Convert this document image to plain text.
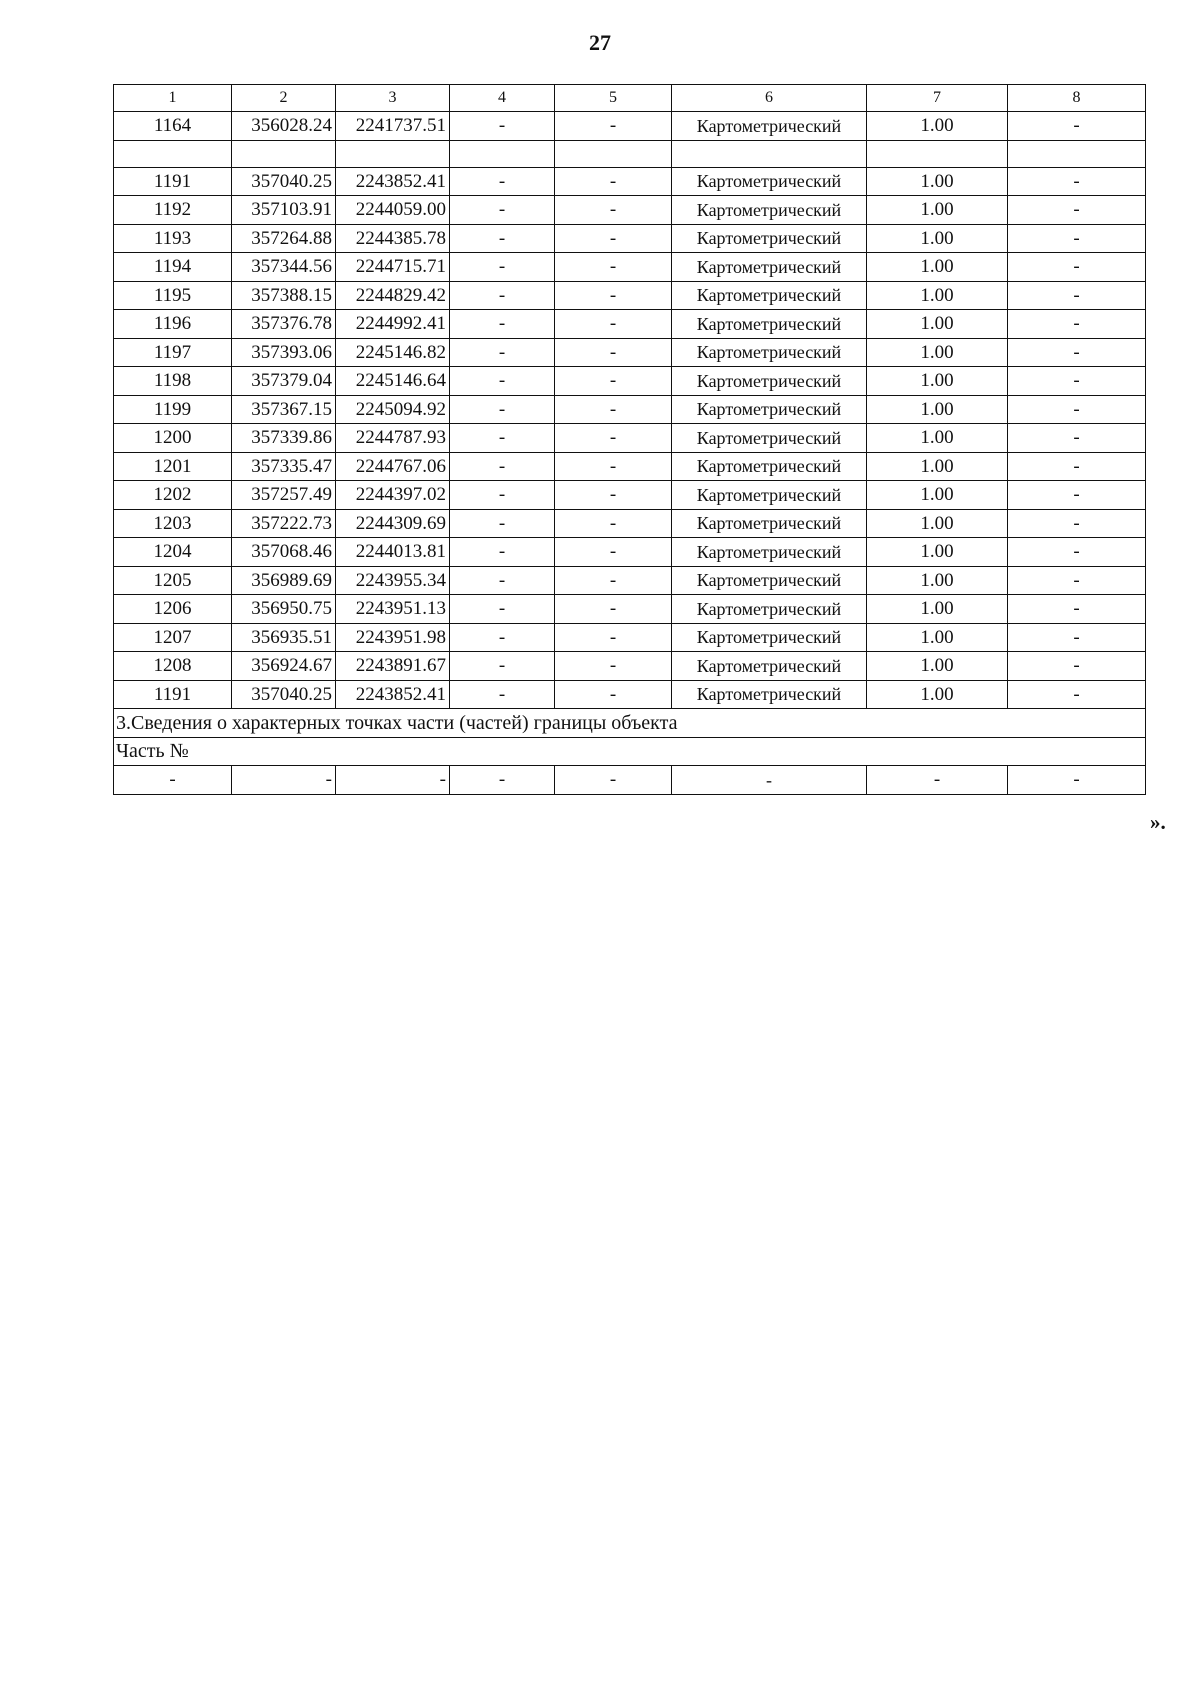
27
1	2	3	4	5	6	7	8
1164	356028.24	2241737.51	-	-	Картометрический	1.00	-

1191	357040.25	2243852.41	-	-	Картометрический	1.00	-
1192	357103.91	2244059.00	-	-	Картометрический	1.00	-
1193	357264.88	2244385.78	-	-	Картометрический	1.00	-
1194	357344.56	2244715.71	-	-	Картометрический	1.00	-
1195	357388.15	2244829.42	-	-	Картометрический	1.00	-
1196	357376.78	2244992.41	-	-	Картометрический	1.00	-
1197	357393.06	2245146.82	-	-	Картометрический	1.00	-
1198	357379.04	2245146.64	-	-	Картометрический	1.00	-
1199	357367.15	2245094.92	-	-	Картометрический	1.00	-
1200	357339.86	2244787.93	-	-	Картометрический	1.00	-
1201	357335.47	2244767.06	-	-	Картометрический	1.00	-
1202	357257.49	2244397.02	-	-	Картометрический	1.00	-
1203	357222.73	2244309.69	-	-	Картометрический	1.00	-
1204	357068.46	2244013.81	-	-	Картометрический	1.00	-
1205	356989.69	2243955.34	-	-	Картометрический	1.00	-
1206	356950.75	2243951.13	-	-	Картометрический	1.00	-
1207	356935.51	2243951.98	-	-	Картометрический	1.00	-
1208	356924.67	2243891.67	-	-	Картометрический	1.00	-
1191	357040.25	2243852.41	-	-	Картометрический	1.00	-
3.Сведения о характерных точках части (частей) границы объекта							
Часть №							
-	-	-	-	-	-	-	-
».
